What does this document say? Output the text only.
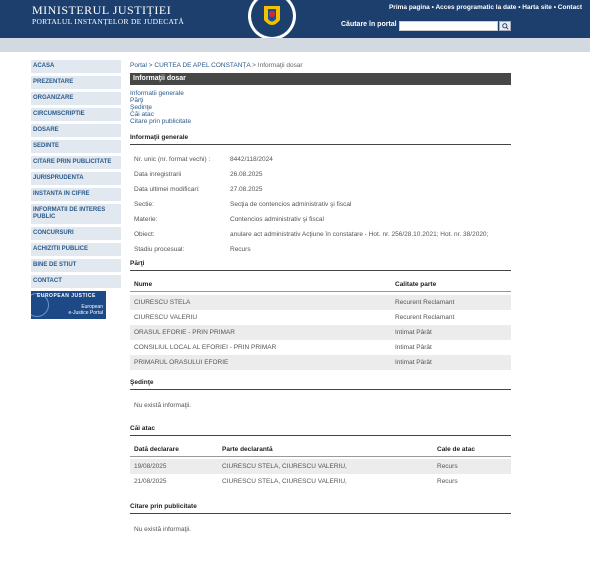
MINISTERUL JUSTIȚIEI
PORTALUL INSTANȚELOR DE JUDECATĂ
Prima pagina • Acces programatic la date • Harta site • Contact
Căutare în portal
ACASA
PREZENTARE
ORGANIZARE
CIRCUMSCRIPTIE
DOSARE
SEDINTE
CITARE PRIN PUBLICITATE
JURISPRUDENTA
INSTANTA IN CIFRE
INFORMATII DE INTERES PUBLIC
CONCURSURI
ACHIZITII PUBLICE
BINE DE STIUT
CONTACT
EUROPEAN JUSTICE
European
e-Justice Portal
Portal > CURTEA DE APEL CONSTANȚA > Informaţii dosar
Informaţii dosar
Informatii generale
Părţi
Şedinţe
Căi atac
Citare prin publicitate
Informaţii generale
Nr. unic (nr. format vechi) :	8442/118/2024
Data inregistrarii	26.08.2025
Data ultimei modificari:	27.08.2025
Sectie:	Secţia de contencios administrativ şi fiscal
Materie:	Contencios administrativ şi fiscal
Obiect:	anulare act administrativ Acţiune în constatare - Hot. nr. 256/28.10.2021; Hot. nr. 38/2020;
Stadiu procesual:	Recurs
Părţi
Nume	Calitate parte
CIURESCU STELA	Recurent Reclamant
CIURESCU VALERIU	Recurent Reclamant
ORASUL EFORIE - PRIN PRIMAR	Intimat Pârât
CONSILIUL LOCAL AL EFORIEI - PRIN PRIMAR	Intimat Pârât
PRIMARUL ORASULUI EFORIE	Intimat Pârât
Şedinţe
Nu există informaţii.
Căi atac
Dată declarare	Parte declarantă	Cale de atac
19/08/2025	CIURESCU STELA, CIURESCU VALERIU,	Recurs
21/08/2025	CIURESCU STELA, CIURESCU VALERIU,	Recurs
Citare prin publicitate
Nu există informaţii.
